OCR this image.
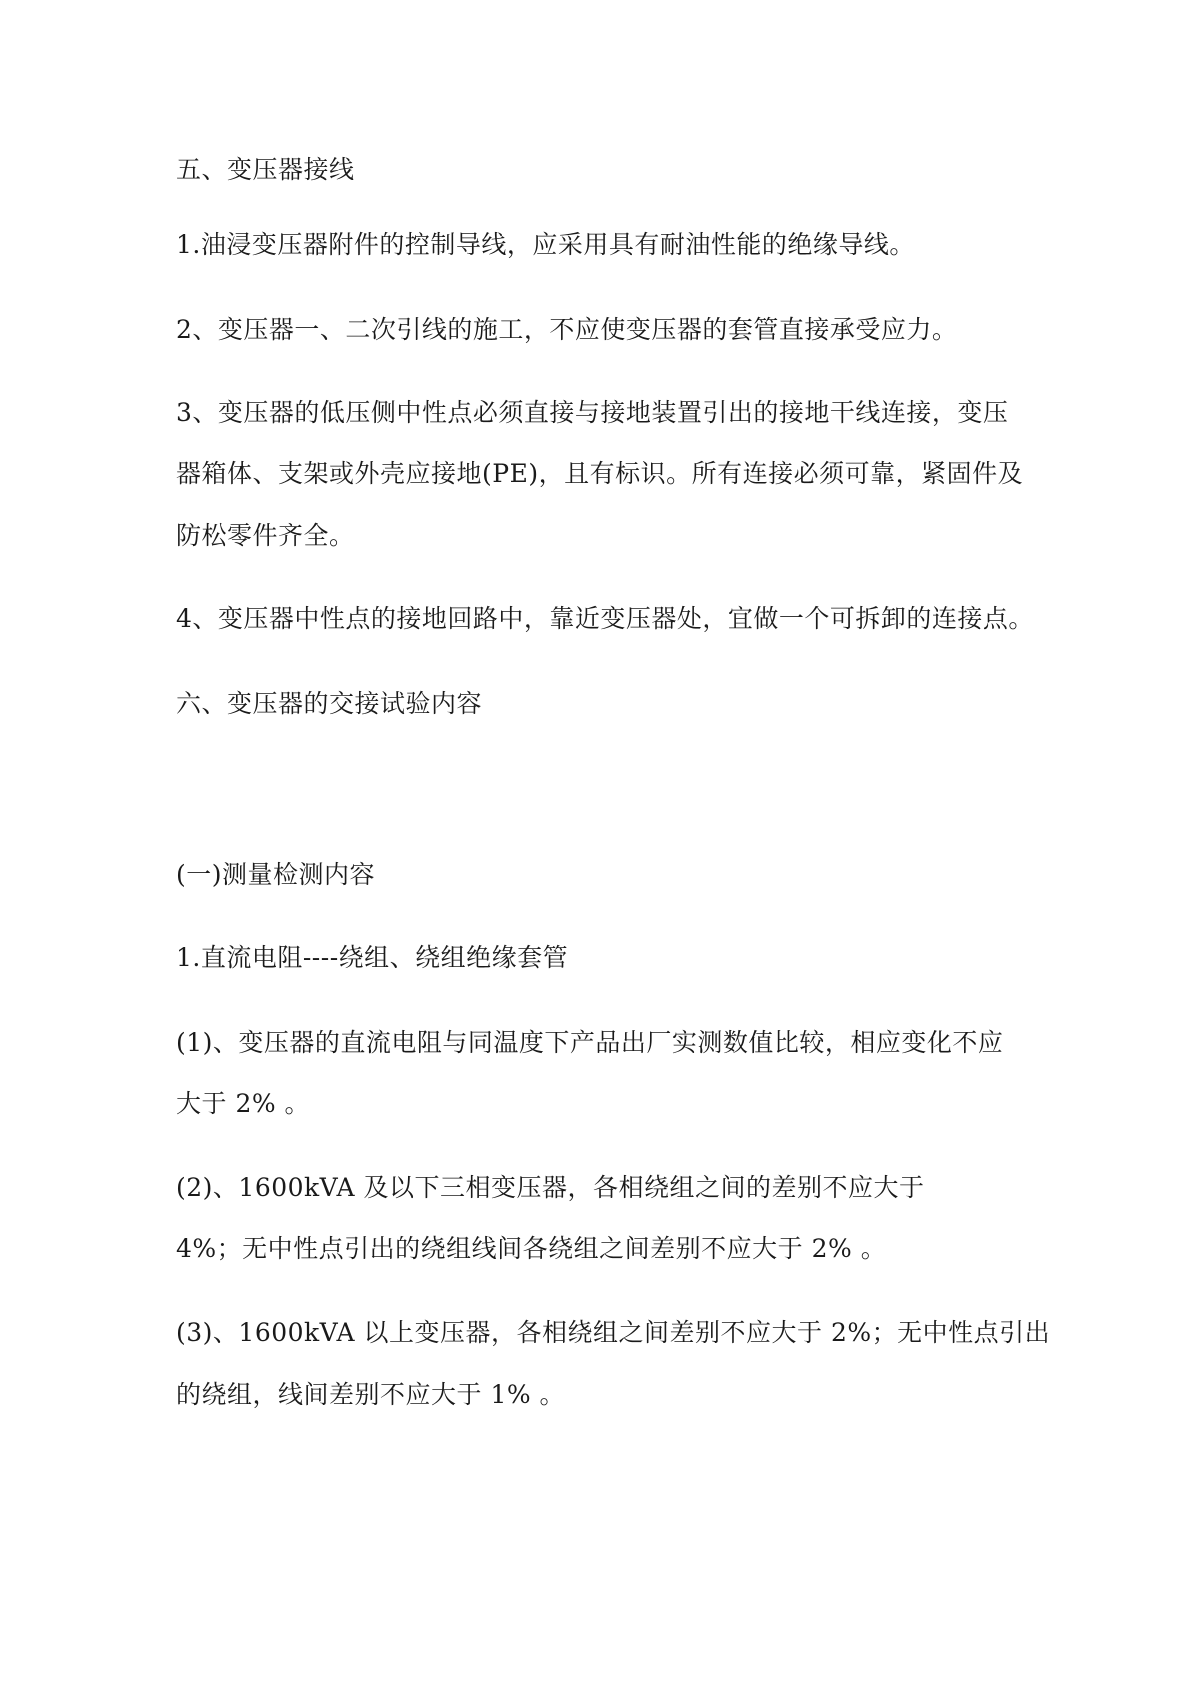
五、变压器接线
1.油浸变压器附件的控制导线，应采用具有耐油性能的绝缘导线。
2、变压器一、二次引线的施工，不应使变压器的套管直接承受应力。
3、变压器的低压侧中性点必须直接与接地装置引出的接地干线连接，变压
器箱体、支架或外壳应接地(PE)，且有标识。所有连接必须可靠，紧固件及
防松零件齐全。
4、变压器中性点的接地回路中，靠近变压器处，宜做一个可拆卸的连接点。
六、变压器的交接试验内容
(一)测量检测内容
1.直流电阻----绕组、绕组绝缘套管
(1)、变压器的直流电阻与同温度下产品出厂实测数值比较，相应变化不应
大于 2% 。
(2)、1600kVA 及以下三相变压器，各相绕组之间的差别不应大于
4%；无中性点引出的绕组线间各绕组之间差别不应大于 2% 。
(3)、1600kVA 以上变压器，各相绕组之间差别不应大于 2%；无中性点引出
的绕组，线间差别不应大于 1% 。
